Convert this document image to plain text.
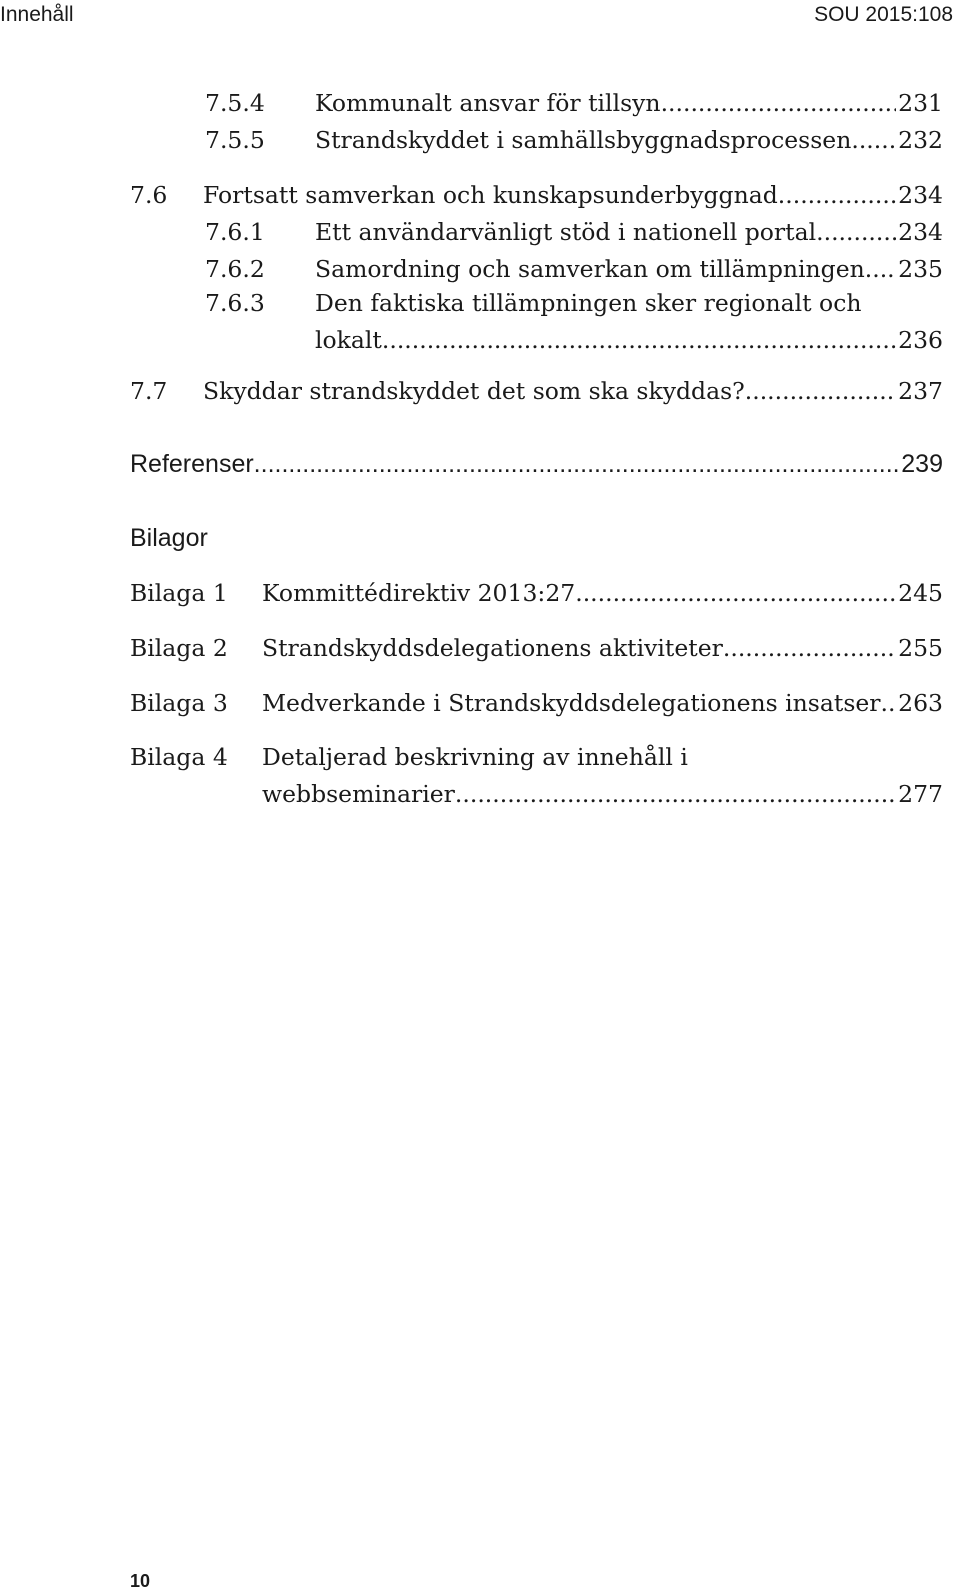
Innehåll	SOU 2015:108
7.5.4 Kommunalt ansvar för tillsyn .....	231
7.5.5 Strandskyddet i samhällsbyggnadsprocessen ..... 232
7.6 Fortsatt samverkan och kunskapsunderbyggnad .....	234
7.6.1 Ett användarvänligt stöd i nationell portal .....	234
7.6.2 Samordning och samverkan om tillämpningen ..... 235
7.6.3 Den faktiska tillämpningen sker regionalt och
lokalt .....	236
7.7 Skyddar strandskyddet det som ska skyddas? .....	237
Referenser .....	239
Bilagor
Bilaga 1 Kommittédirektiv 2013:27 .....	245
Bilaga 2 Strandskyddsdelegationens aktiviteter .....	255
Bilaga 3 Medverkande i Strandskyddsdelegationens insatser ..... 263
Bilaga 4 Detaljerad beskrivning av innehåll i
webbseminarier .....	277
10
